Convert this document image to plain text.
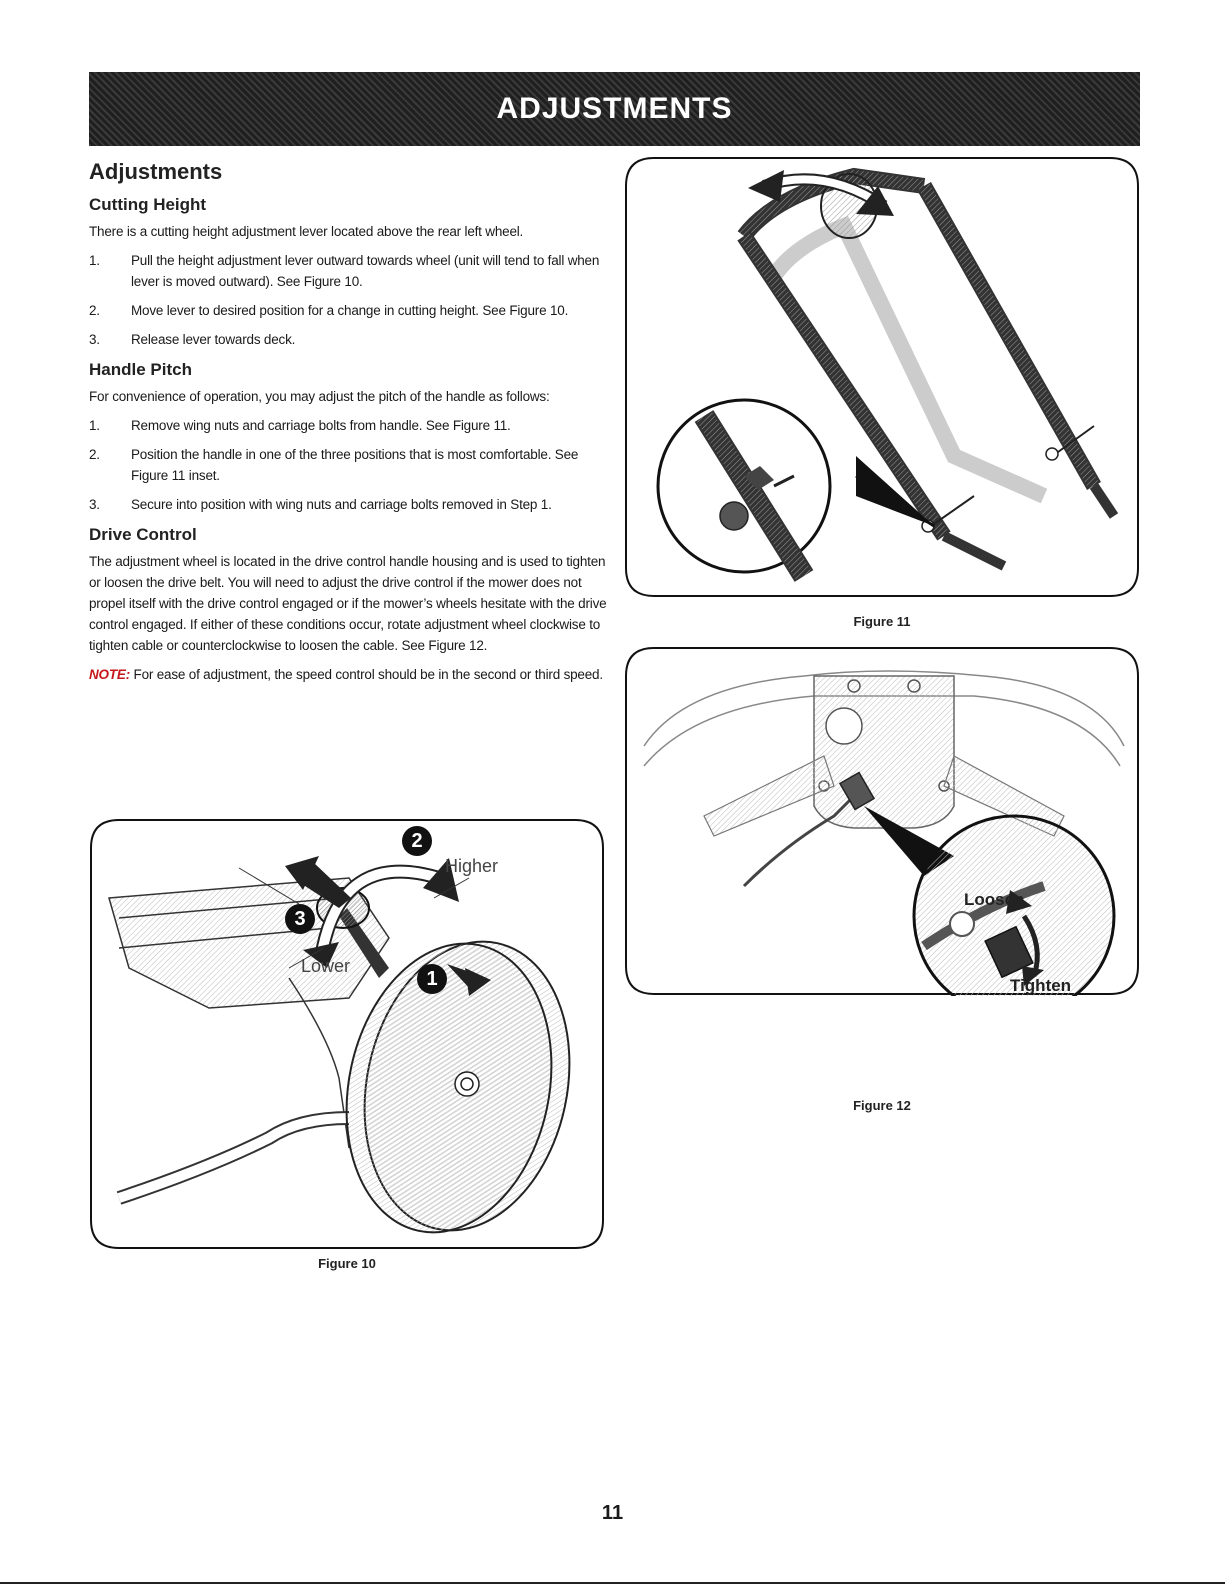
ADJUSTMENTS
Adjustments
Cutting Height

There is a cutting height adjustment lever located above the rear left wheel.

1.	Pull the height adjustment lever outward towards wheel (unit will tend to fall when lever is moved outward). See Figure 10.
2.	Move lever to desired position for a change in cutting height. See Figure 10.
3.	Release lever towards deck.
Handle Pitch

For convenience of operation, you may adjust the pitch of the handle as follows:

1.	Remove wing nuts and carriage bolts from handle. See Figure 11.
2.	Position the handle in one of the three positions that is most comfortable. See Figure 11 inset.
3.	Secure into position with wing nuts and carriage bolts removed in Step 1.
Drive Control

The adjustment wheel is located in the drive control handle housing and is used to tighten or loosen the drive belt. You will need to adjust the drive control if the mower does not propel itself with the drive control engaged or if the mower’s wheels hesitate with the drive control engaged. If either of these conditions occur, rotate adjustment wheel clockwise to tighten cable or counterclockwise to loosen the cable. See Figure 12.

NOTE: For ease of adjustment, the speed control should be in the second or third speed.

2
3
1
Higher
Lower
Figure 10
Figure 11
Loosen
Tighten
Figure 12
11
